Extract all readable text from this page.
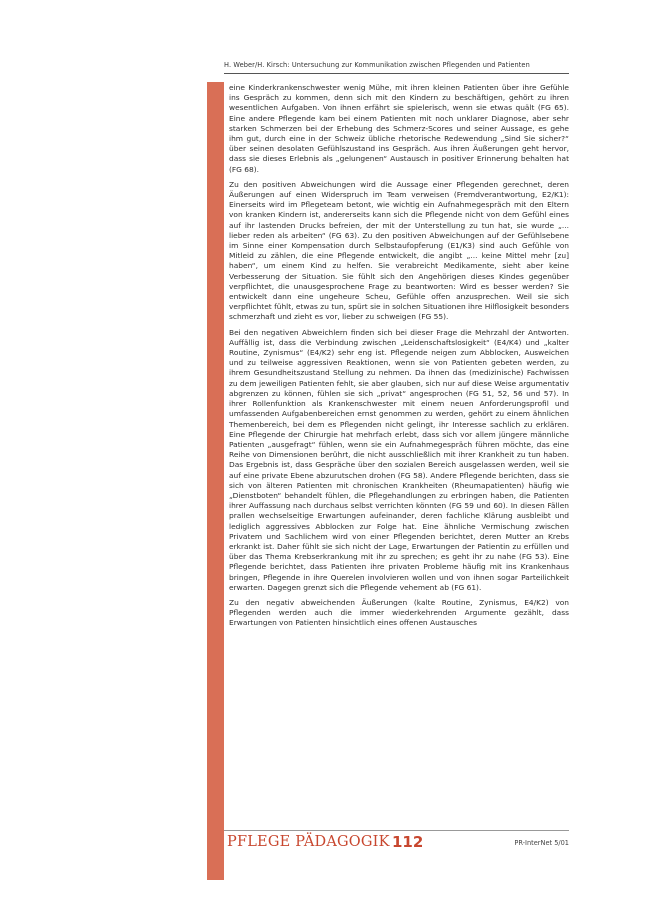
H. Weber/H. Kirsch: Untersuchung zur Kommunikation zwischen Pflegenden und Patienten

eine Kinderkrankenschwester wenig Mühe, mit ihren kleinen Patienten über ihre Gefühle ins Gespräch zu kommen, denn sich mit den Kindern zu beschäftigen, gehört zu ihren wesentlichen Aufgaben. Von ihnen erfährt sie spielerisch, wenn sie etwas quält (FG 65). Eine andere Pflegende kam bei einem Patienten mit noch unklarer Diagnose, aber sehr starken Schmerzen bei der Erhebung des Schmerz-Scores und seiner Aussage, es gehe ihm gut, durch eine in der Schweiz übliche rhetorische Redewendung „Sind Sie sicher?“ über seinen desolaten Gefühlszustand ins Gespräch. Aus ihren Äußerungen geht hervor, dass sie dieses Erlebnis als „gelungenen“ Austausch in positiver Erinnerung behalten hat (FG 68).

Zu den positiven Abweichungen wird die Aussage einer Pflegenden gerechnet, deren Äußerungen auf einen Widerspruch im Team verweisen (Fremdverantwortung, E2/K1): Einerseits wird im Pflegeteam betont, wie wichtig ein Aufnahmegespräch mit den Eltern von kranken Kindern ist, andererseits kann sich die Pflegende nicht von dem Gefühl eines auf ihr lastenden Drucks befreien, der mit der Unterstellung zu tun hat, sie wurde „... lieber reden als arbeiten“ (FG 63). Zu den positiven Abweichungen auf der Gefühlsebene im Sinne einer Kompensation durch Selbstaufopferung (E1/K3) sind auch Gefühle von Mitleid zu zählen, die eine Pflegende entwickelt, die angibt „... keine Mittel mehr [zu] haben“, um einem Kind zu helfen. Sie verabreicht Medikamente, sieht aber keine Verbesserung der Situation. Sie fühlt sich den Angehörigen dieses Kindes gegenüber verpflichtet, die unausgesprochene Frage zu beantworten: Wird es besser werden? Sie entwickelt dann eine ungeheure Scheu, Gefühle offen anzusprechen. Weil sie sich verpflichtet fühlt, etwas zu tun, spürt sie in solchen Situationen ihre Hilflosigkeit besonders schmerzhaft und zieht es vor, lieber zu schweigen (FG 55).

Bei den negativen Abweichlern finden sich bei dieser Frage die Mehrzahl der Antworten. Auffällig ist, dass die Verbindung zwischen „Leidenschaftslosigkeit“ (E4/K4) und „kalter Routine, Zynismus“ (E4/K2) sehr eng ist. Pflegende neigen zum Abblocken, Ausweichen und zu teilweise aggressiven Reaktionen, wenn sie von Patienten gebeten werden, zu ihrem Gesundheitszustand Stellung zu nehmen. Da ihnen das (medizinische) Fachwissen zu dem jeweiligen Patienten fehlt, sie aber glauben, sich nur auf diese Weise argumentativ abgrenzen zu können, fühlen sie sich „privat“ angesprochen (FG 51, 52, 56 und 57). In ihrer Rollenfunktion als Krankenschwester mit einem neuen Anforderungsprofil und umfassenden Aufgabenbereichen ernst genommen zu werden, gehört zu einem ähnlichen Themenbereich, bei dem es Pflegenden nicht gelingt, ihr Interesse sachlich zu erklären. Eine Pflegende der Chirurgie hat mehrfach erlebt, dass sich vor allem jüngere männliche Patienten „ausgefragt“ fühlen, wenn sie ein Aufnahmegespräch führen möchte, das eine Reihe von Dimensionen berührt, die nicht ausschließlich mit ihrer Krankheit zu tun haben. Das Ergebnis ist, dass Gespräche über den sozialen Bereich ausgelassen werden, weil sie auf eine private Ebene abzurutschen drohen (FG 58). Andere Pflegende berichten, dass sie sich von älteren Patienten mit chronischen Krankheiten (Rheumapatienten) häufig wie „Dienstboten“ behandelt fühlen, die Pflegehandlungen zu erbringen haben, die Patienten ihrer Auffassung nach durchaus selbst verrichten könnten (FG 59 und 60). In diesen Fällen prallen wechselseitige Erwartungen aufeinander, deren fachliche Klärung ausbleibt und lediglich aggressives Abblocken zur Folge hat. Eine ähnliche Vermischung zwischen Privatem und Sachlichem wird von einer Pflegenden berichtet, deren Mutter an Krebs erkrankt ist. Daher fühlt sie sich nicht der Lage, Erwartungen der Patientin zu erfüllen und über das Thema Krebserkrankung mit ihr zu sprechen; es geht ihr zu nahe (FG 53). Eine Pflegende berichtet, dass Patienten ihre privaten Probleme häufig mit ins Krankenhaus bringen, Pflegende in ihre Querelen involvieren wollen und von ihnen sogar Parteilichkeit erwarten. Dagegen grenzt sich die Pflegende vehement ab (FG 61).

Zu den negativ abweichenden Äußerungen (kalte Routine, Zynismus, E4/K2) von Pflegenden werden auch die immer wiederkehrenden Argumente gezählt, dass Erwartungen von Patienten hinsichtlich eines offenen Austausches

PFLEGE PÄDAGOGIK 112	PR-InterNet 5/01
